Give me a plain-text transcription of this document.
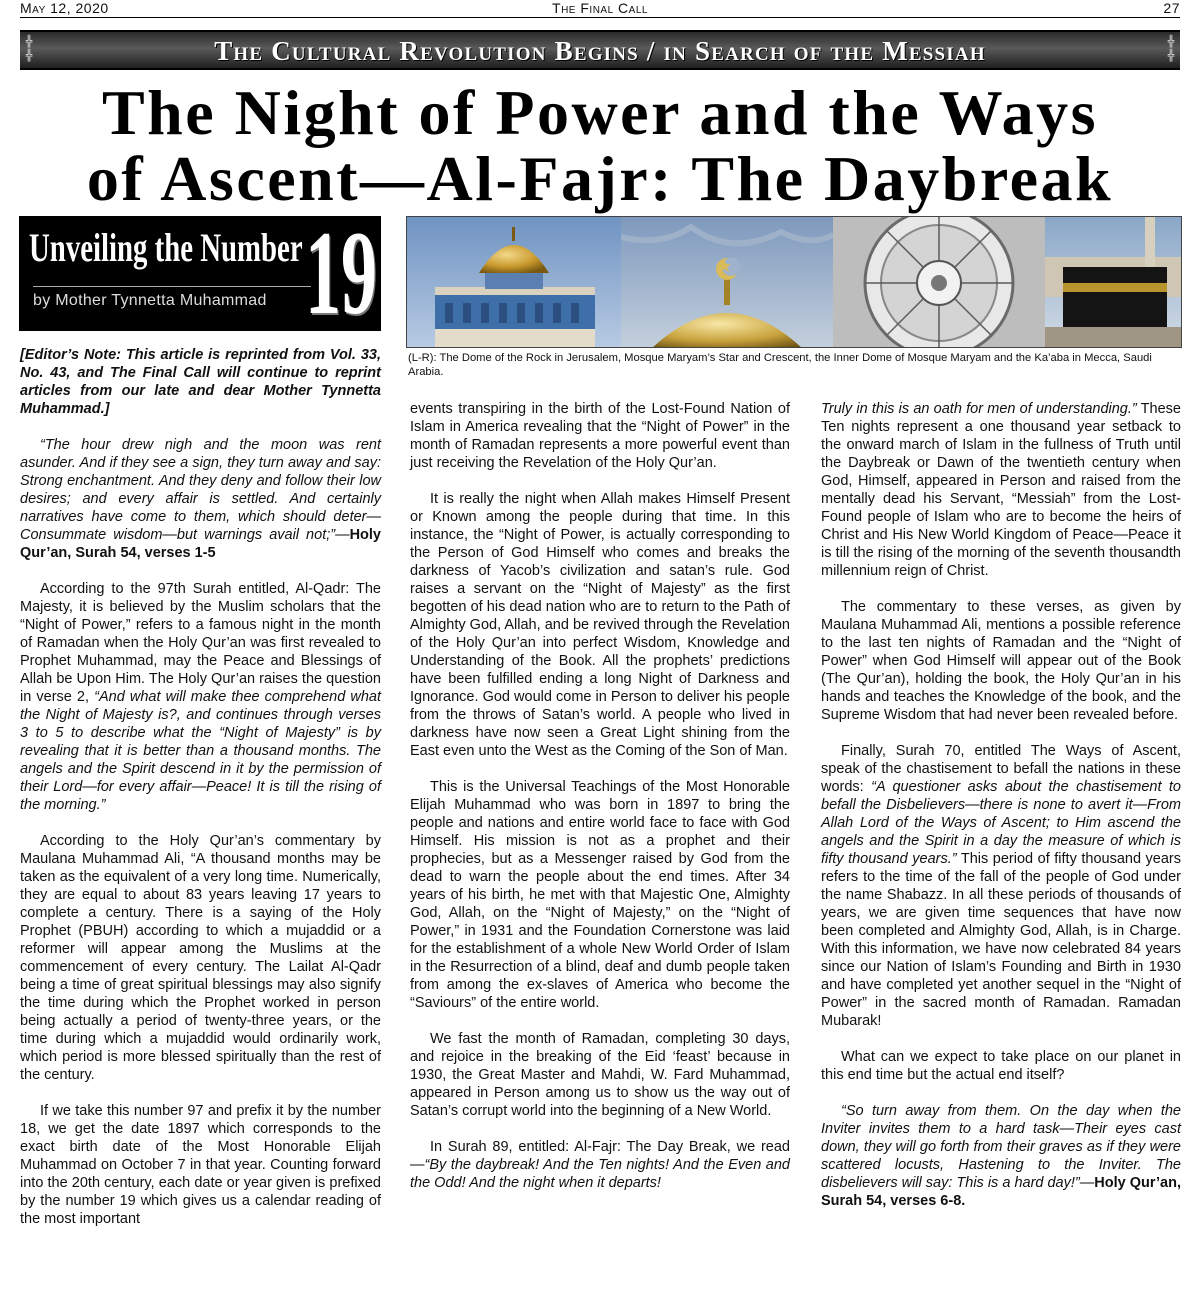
May 12, 2020	The Final Call	27
╬
╬	The Cultural Revolution Begins / in Search of the Messiah	╬
╬
The Night of Power and the Ways
of Ascent—Al-Fajr: The Daybreak
Unveiling the Number
by Mother Tynnetta Muhammad 19
(L-R): The Dome of the Rock in Jerusalem, Mosque Maryam’s Star and Crescent, the Inner Dome of Mosque Maryam and the Ka’aba in Mecca, Saudi Arabia.

[Editor’s Note: This article is reprinted from Vol. 33, No. 43, and The Final Call will continue to reprint articles from our late and dear Mother Tynnetta Muhammad.]

“The hour drew nigh and the moon was rent asunder. And if they see a sign, they turn away and say: Strong enchantment. And they deny and follow their low desires; and every affair is settled. And certainly narratives have come to them, which should deter—Consummate wisdom—but warnings avail not;”—Holy Qur’an, Surah 54, verses 1-5

According to the 97th Surah entitled, Al-Qadr: The Majesty, it is believed by the Muslim scholars that the “Night of Power,” refers to a famous night in the month of Ramadan when the Holy Qur’an was first revealed to Prophet Muhammad, may the Peace and Blessings of Allah be Upon Him. The Holy Qur’an raises the question in verse 2, “And what will make thee comprehend what the Night of Majesty is?, and continues through verses 3 to 5 to describe what the “Night of Majesty” is by revealing that it is better than a thousand months. The angels and the Spirit descend in it by the permission of their Lord—for every affair—Peace! It is till the rising of the morning.”

According to the Holy Qur’an’s commentary by Maulana Muhammad Ali, “A thousand months may be taken as the equivalent of a very long time. Numerically, they are equal to about 83 years leaving 17 years to complete a century. There is a saying of the Holy Prophet (PBUH) according to which a mujaddid or a reformer will appear among the Muslims at the commencement of every century. The Lailat Al-Qadr being a time of great spiritual blessings may also signify the time during which the Prophet worked in person being actually a period of twenty-three years, or the time during which a mujaddid would ordinarily work, which period is more blessed spiritually than the rest of the century.

If we take this number 97 and prefix it by the number 18, we get the date 1897 which corresponds to the exact birth date of the Most Honorable Elijah Muhammad on October 7 in that year. Counting forward into the 20th century, each date or year given is prefixed by the number 19 which gives us a calendar reading of the most important

events transpiring in the birth of the Lost-Found Nation of Islam in America revealing that the “Night of Power” in the month of Ramadan represents a more powerful event than just receiving the Revelation of the Holy Qur’an.

It is really the night when Allah makes Himself Present or Known among the people during that time. In this instance, the “Night of Power, is actually corresponding to the Person of God Himself who comes and breaks the darkness of Yacob’s civilization and satan’s rule. God raises a servant on the “Night of Majesty” as the first begotten of his dead nation who are to return to the Path of Almighty God, Allah, and be revived through the Revelation of the Holy Qur’an into perfect Wisdom, Knowledge and Understanding of the Book. All the prophets’ predictions have been fulfilled ending a long Night of Darkness and Ignorance. God would come in Person to deliver his people from the throws of Satan’s world. A people who lived in darkness have now seen a Great Light shining from the East even unto the West as the Coming of the Son of Man.

This is the Universal Teachings of the Most Honorable Elijah Muhammad who was born in 1897 to bring the people and nations and entire world face to face with God Himself. His mission is not as a prophet and their prophecies, but as a Messenger raised by God from the dead to warn the people about the end times. After 34 years of his birth, he met with that Majestic One, Almighty God, Allah, on the “Night of Majesty,” on the “Night of Power,” in 1931 and the Foundation Cornerstone was laid for the establishment of a whole New World Order of Islam in the Resurrection of a blind, deaf and dumb people taken from among the ex-slaves of America who become the “Saviours” of the entire world.

We fast the month of Ramadan, completing 30 days, and rejoice in the breaking of the Eid ‘feast’ because in 1930, the Great Master and Mahdi, W. Fard Muhammad, appeared in Person among us to show us the way out of Satan’s corrupt world into the beginning of a New World.

In Surah 89, entitled: Al-Fajr: The Day Break, we read—“By the daybreak! And the Ten nights! And the Even and the Odd! And the night when it departs!

Truly in this is an oath for men of understanding.” These Ten nights represent a one thousand year setback to the onward march of Islam in the fullness of Truth until the Daybreak or Dawn of the twentieth century when God, Himself, appeared in Person and raised from the mentally dead his Servant, “Messiah” from the Lost-Found people of Islam who are to become the heirs of Christ and His New World Kingdom of Peace—Peace it is till the rising of the morning of the seventh thousandth millennium reign of Christ.

The commentary to these verses, as given by Maulana Muhammad Ali, mentions a possible reference to the last ten nights of Ramadan and the “Night of Power” when God Himself will appear out of the Book (The Qur’an), holding the book, the Holy Qur’an in his hands and teaches the Knowledge of the book, and the Supreme Wisdom that had never been revealed before.

Finally, Surah 70, entitled The Ways of Ascent, speak of the chastisement to befall the nations in these words: “A questioner asks about the chastisement to befall the Disbelievers—there is none to avert it—From Allah Lord of the Ways of Ascent; to Him ascend the angels and the Spirit in a day the measure of which is fifty thousand years.” This period of fifty thousand years refers to the time of the fall of the people of God under the name Shabazz. In all these periods of thousands of years, we are given time sequences that have now been completed and Almighty God, Allah, is in Charge. With this information, we have now celebrated 84 years since our Nation of Islam’s Founding and Birth in 1930 and have completed yet another sequel in the “Night of Power” in the sacred month of Ramadan. Ramadan Mubarak!

What can we expect to take place on our planet in this end time but the actual end itself?

“So turn away from them. On the day when the Inviter invites them to a hard task—Their eyes cast down, they will go forth from their graves as if they were scattered locusts, Hastening to the Inviter. The disbelievers will say: This is a hard day!”—Holy Qur’an, Surah 54, verses 6-8.
